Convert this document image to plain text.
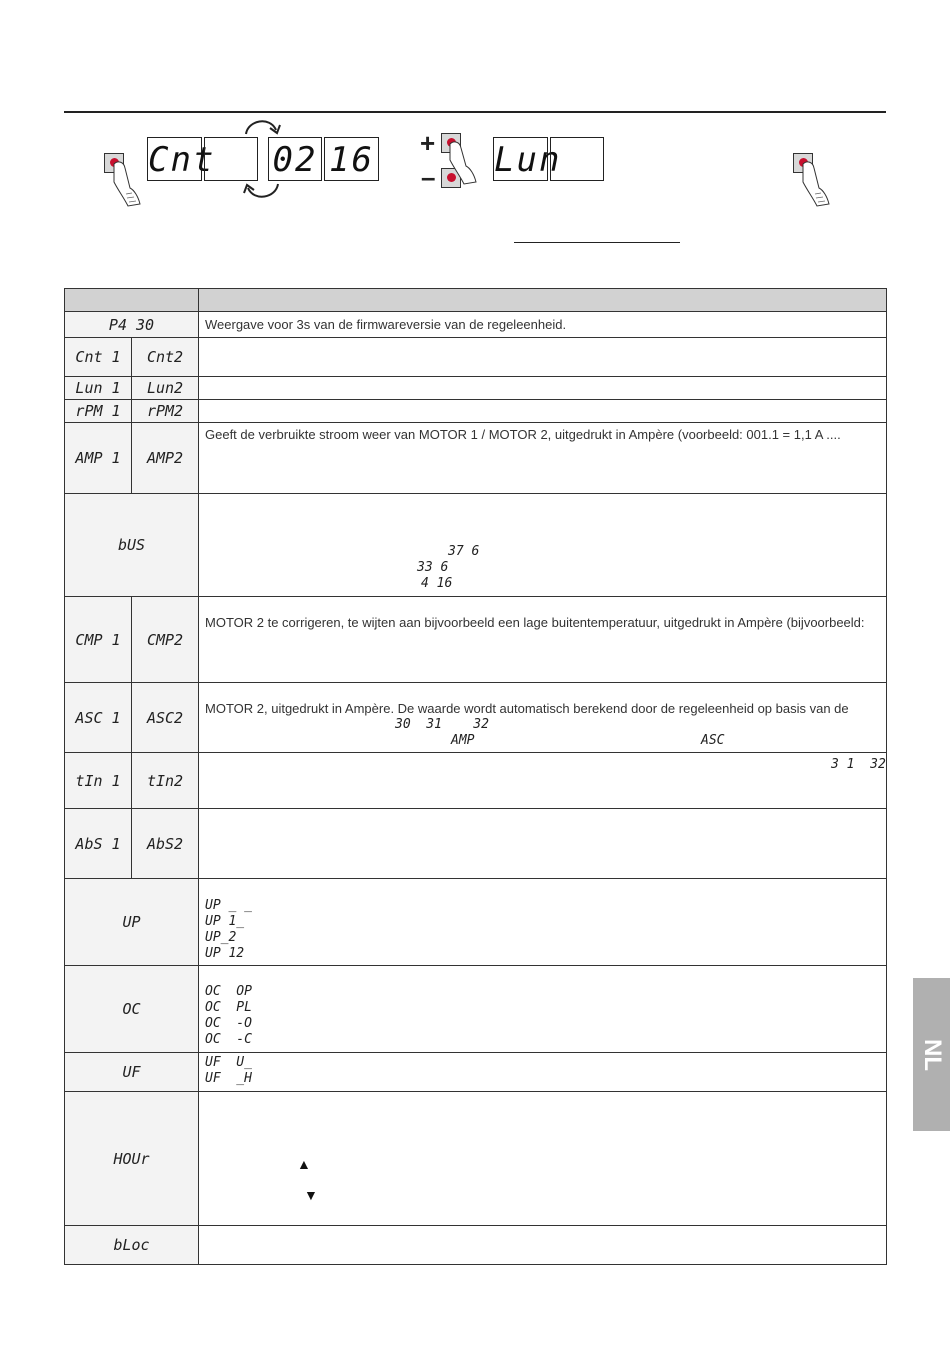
Cnt 02 16 +
– Lun

P4 30		Weergave voor 3s van de firmwareversie van de regeleenheid.

Cnt 1	Cnt2	

Lun 1	Lun2	

rPM 1	rPM2	

AMP 1	AMP2	Geeft de verbruikte stroom weer van MOTOR 1 / MOTOR 2, uitgedrukt in Ampère (voorbeeld: 001.1 = 1,1 A ....

bUS		37 6
33 6
4 16

CMP 1	CMP2	MOTOR 2 te corrigeren, te wijten aan bijvoorbeeld een lage buitentemperatuur, uitgedrukt in Ampère (bijvoorbeeld:

ASC 1	ASC2	MOTOR 2, uitgedrukt in Ampère. De waarde wordt automatisch berekend door de regeleenheid op basis van de
30  31    32
AMP ASC

tIn 1	tIn2	3 1  32

AbS 1	AbS2	

UP		UP _ _
UP 1_
UP_2
UP 12

OC		OC  OP
OC  PL
OC  -O
OC  -C

UF		UF  U_
UF  _H

HOUr		▲
▼

bLoc		
NL
